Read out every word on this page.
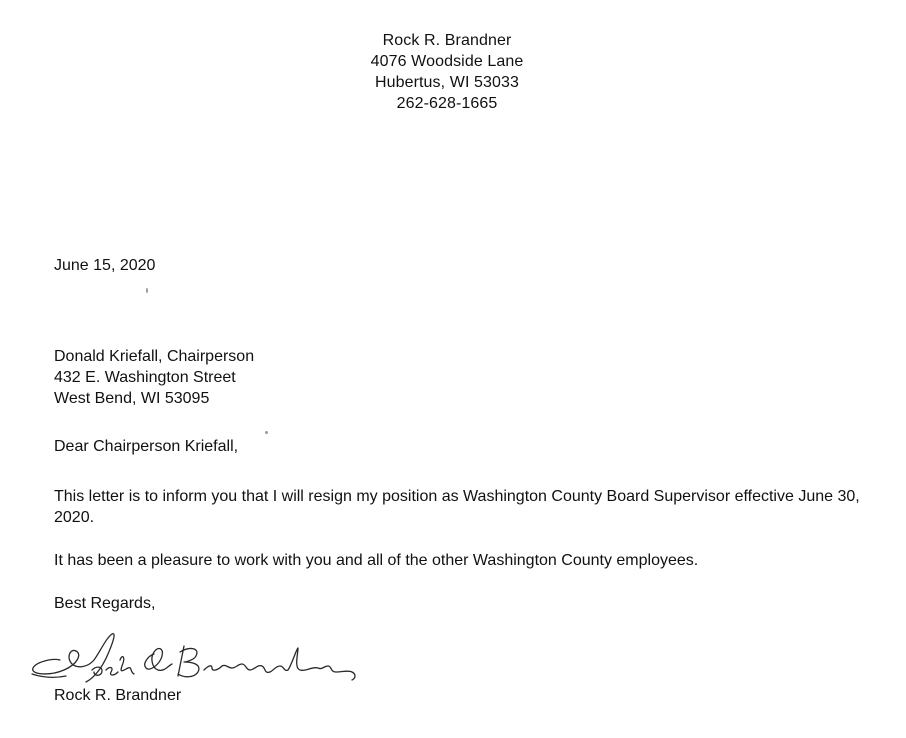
Rock R. Brandner
4076 Woodside Lane
Hubertus, WI 53033
262-628-1665
June 15, 2020
Donald Kriefall, Chairperson
432 E. Washington Street
West Bend, WI 53095
Dear Chairperson Kriefall,
This letter is to inform you that I will resign my position as Washington County Board Supervisor effective June 30, 2020.
It has been a pleasure to work with you and all of the other Washington County employees.
Best Regards,
Rock R. Brandner
